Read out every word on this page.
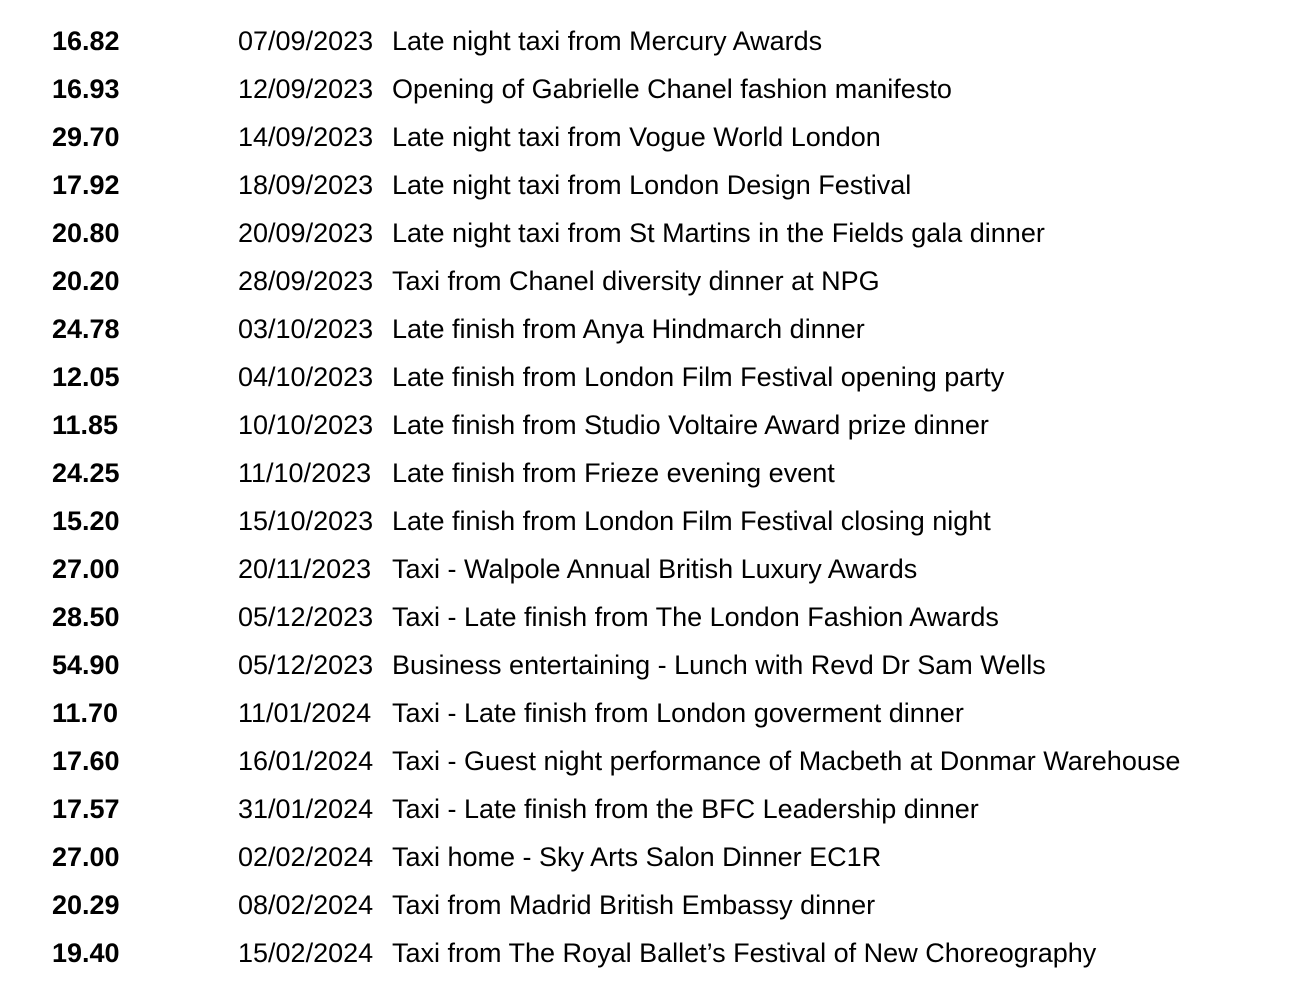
16.82	07/09/2023 Late night taxi from Mercury Awards
16.93	12/09/2023 Opening of Gabrielle Chanel fashion manifesto
29.70	14/09/2023 Late night taxi from Vogue World London
17.92	18/09/2023 Late night taxi from London Design Festival
20.80	20/09/2023 Late night taxi from St Martins in the Fields gala dinner
20.20	28/09/2023 Taxi from Chanel diversity dinner at NPG
24.78	03/10/2023 Late finish from Anya Hindmarch dinner
12.05	04/10/2023 Late finish from London Film Festival opening party
11.85	10/10/2023 Late finish from Studio Voltaire Award prize dinner
24.25	11/10/2023 Late finish from Frieze evening event
15.20	15/10/2023 Late finish from London Film Festival closing night
27.00	20/11/2023 Taxi - Walpole Annual British Luxury Awards
28.50	05/12/2023 Taxi - Late finish from The London Fashion Awards
54.90	05/12/2023 Business entertaining - Lunch with Revd Dr Sam Wells
11.70	11/01/2024 Taxi - Late finish from London goverment dinner
17.60	16/01/2024 Taxi - Guest night performance of Macbeth at Donmar Warehouse
17.57	31/01/2024 Taxi - Late finish from the BFC Leadership dinner
27.00	02/02/2024 Taxi home - Sky Arts Salon Dinner EC1R
20.29	08/02/2024 Taxi from Madrid British Embassy dinner
19.40	15/02/2024 Taxi from The Royal Ballet’s Festival of New Choreography
